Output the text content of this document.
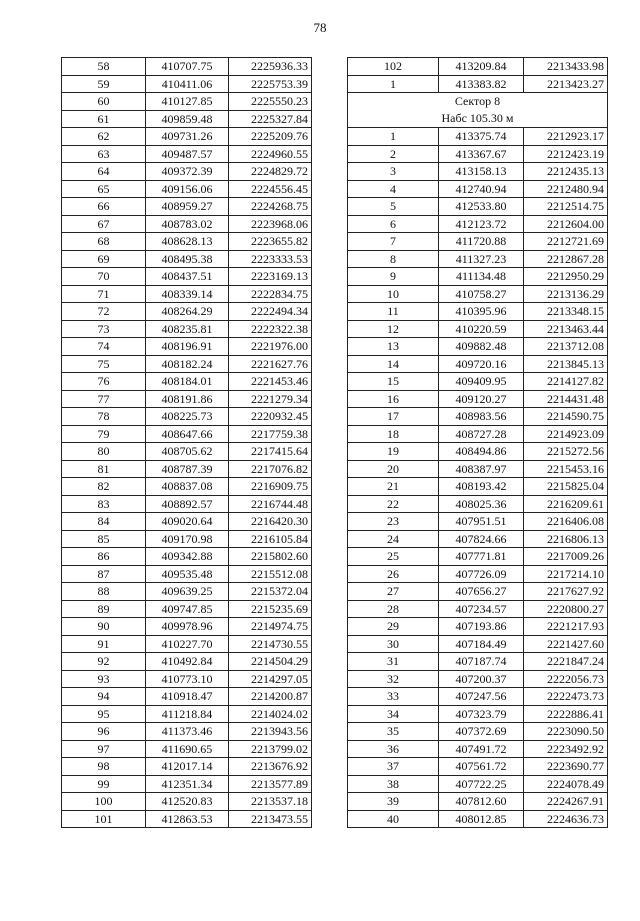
78
58	410707.75	2225936.33
59	410411.06	2225753.39
60	410127.85	2225550.23
61	409859.48	2225327.84
62	409731.26	2225209.76
63	409487.57	2224960.55
64	409372.39	2224829.72
65	409156.06	2224556.45
66	408959.27	2224268.75
67	408783.02	2223968.06
68	408628.13	2223655.82
69	408495.38	2223333.53
70	408437.51	2223169.13
71	408339.14	2222834.75
72	408264.29	2222494.34
73	408235.81	2222322.38
74	408196.91	2221976.00
75	408182.24	2221627.76
76	408184.01	2221453.46
77	408191.86	2221279.34
78	408225.73	2220932.45
79	408647.66	2217759.38
80	408705.62	2217415.64
81	408787.39	2217076.82
82	408837.08	2216909.75
83	408892.57	2216744.48
84	409020.64	2216420.30
85	409170.98	2216105.84
86	409342.88	2215802.60
87	409535.48	2215512.08
88	409639.25	2215372.04
89	409747.85	2215235.69
90	409978.96	2214974.75
91	410227.70	2214730.55
92	410492.84	2214504.29
93	410773.10	2214297.05
94	410918.47	2214200.87
95	411218.84	2214024.02
96	411373.46	2213943.56
97	411690.65	2213799.02
98	412017.14	2213676.92
99	412351.34	2213577.89
100	412520.83	2213537.18
101	412863.53	2213473.55
102	413209.84	2213433.98
1	413383.82	2213423.27

Сектор 8
Набс 105.30 м		

1	413375.74	2212923.17
2	413367.67	2212423.19
3	413158.13	2212435.13
4	412740.94	2212480.94
5	412533.80	2212514.75
6	412123.72	2212604.00
7	411720.88	2212721.69
8	411327.23	2212867.28
9	411134.48	2212950.29
10	410758.27	2213136.29
11	410395.96	2213348.15
12	410220.59	2213463.44
13	409882.48	2213712.08
14	409720.16	2213845.13
15	409409.95	2214127.82
16	409120.27	2214431.48
17	408983.56	2214590.75
18	408727.28	2214923.09
19	408494.86	2215272.56
20	408387.97	2215453.16
21	408193.42	2215825.04
22	408025.36	2216209.61
23	407951.51	2216406.08
24	407824.66	2216806.13
25	407771.81	2217009.26
26	407726.09	2217214.10
27	407656.27	2217627.92
28	407234.57	2220800.27
29	407193.86	2221217.93
30	407184.49	2221427.60
31	407187.74	2221847.24
32	407200.37	2222056.73
33	407247.56	2222473.73
34	407323.79	2222886.41
35	407372.69	2223090.50
36	407491.72	2223492.92
37	407561.72	2223690.77
38	407722.25	2224078.49
39	407812.60	2224267.91
40	408012.85	2224636.73
